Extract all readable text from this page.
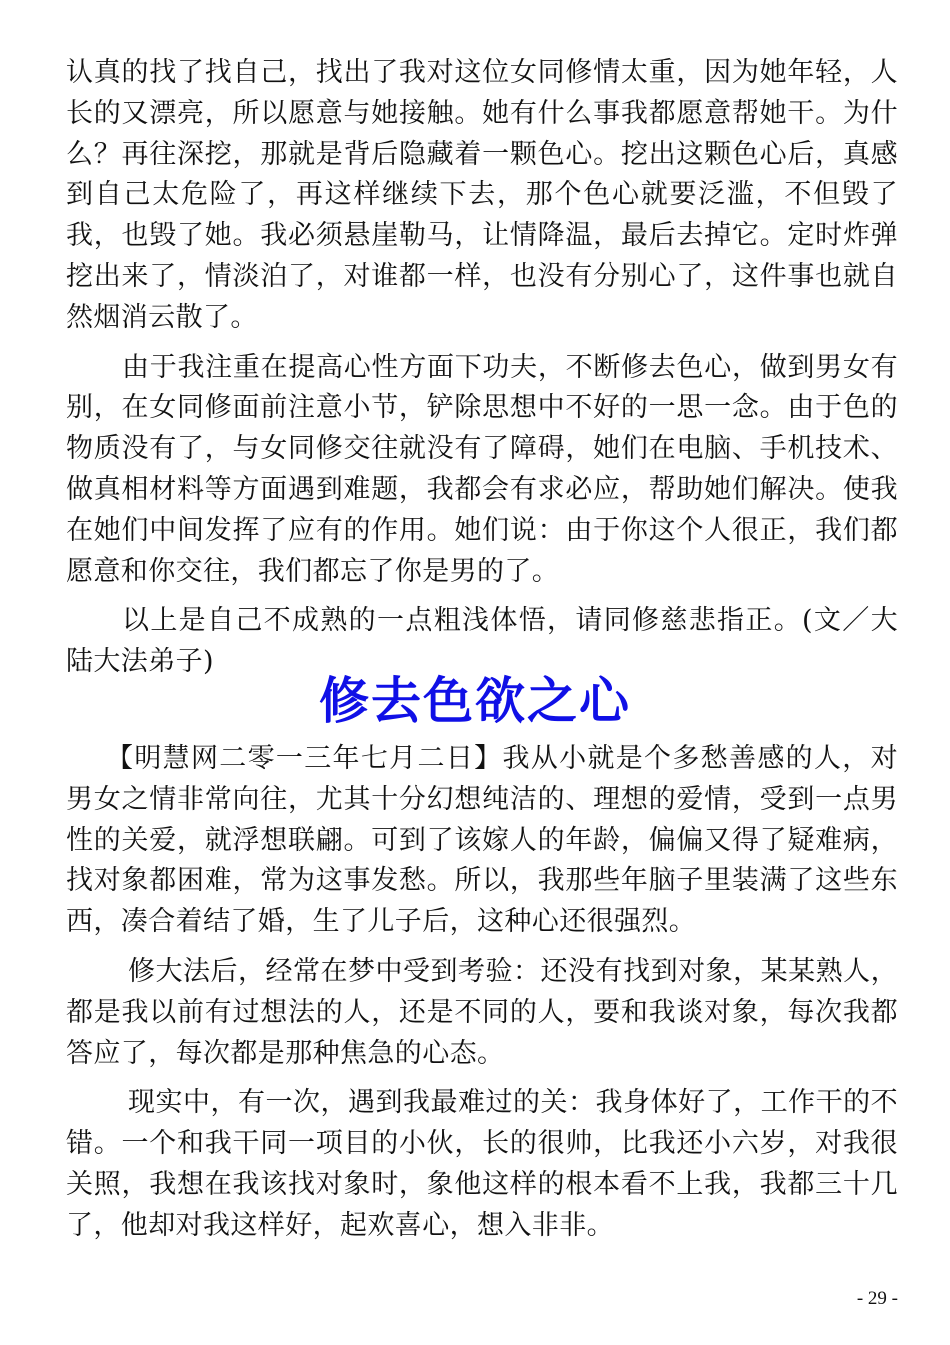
认真的找了找自己，找出了我对这位女同修情太重，因为她年轻，人长的又漂亮，所以愿意与她接触。她有什么事我都愿意帮她干。为什么？再往深挖，那就是背后隐藏着一颗色心。挖出这颗色心后，真感到自己太危险了，再这样继续下去，那个色心就要泛滥，不但毁了我，也毁了她。我必须悬崖勒马，让情降温，最后去掉它。定时炸弹挖出来了，情淡泊了，对谁都一样，也没有分别心了，这件事也就自然烟消云散了。

由于我注重在提高心性方面下功夫，不断修去色心，做到男女有别，在女同修面前注意小节，铲除思想中不好的一思一念。由于色的物质没有了，与女同修交往就没有了障碍，她们在电脑、手机技术、做真相材料等方面遇到难题，我都会有求必应，帮助她们解决。使我在她们中间发挥了应有的作用。她们说：由于你这个人很正，我们都愿意和你交往，我们都忘了你是男的了。

以上是自己不成熟的一点粗浅体悟，请同修慈悲指正。(文／大陆大法弟子)

修去色欲之心

【明慧网二零一三年七月二日】我从小就是个多愁善感的人，对男女之情非常向往，尤其十分幻想纯洁的、理想的爱情，受到一点男性的关爱，就浮想联翩。可到了该嫁人的年龄，偏偏又得了疑难病，找对象都困难，常为这事发愁。所以，我那些年脑子里装满了这些东西，凑合着结了婚，生了儿子后，这种心还很强烈。

修大法后，经常在梦中受到考验：还没有找到对象，某某熟人，都是我以前有过想法的人，还是不同的人，要和我谈对象，每次我都答应了，每次都是那种焦急的心态。

现实中，有一次，遇到我最难过的关：我身体好了，工作干的不错。一个和我干同一项目的小伙，长的很帅，比我还小六岁，对我很关照，我想在我该找对象时，象他这样的根本看不上我，我都三十几了，他却对我这样好，起欢喜心，想入非非。

- 29 -
